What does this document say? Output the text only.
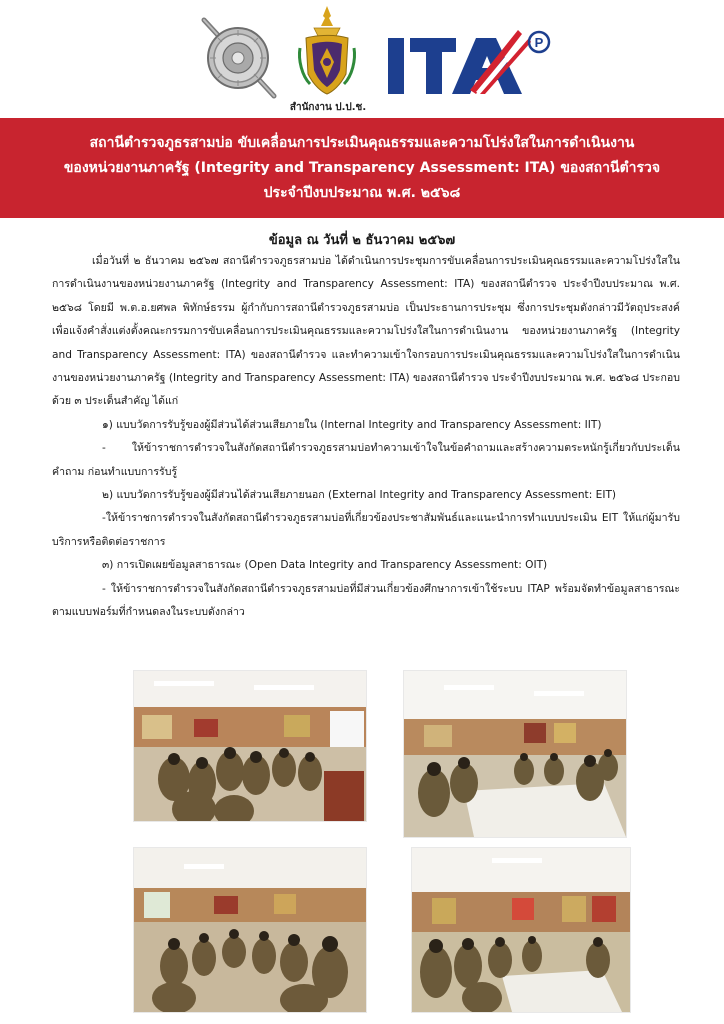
สำนักงาน ป.ป.ช.
P
สถานีตำรวจภูธรสามบ่อ ขับเคลื่อนการประเมินคุณธรรมและความโปร่งใสในการดำเนินงาน
ของหน่วยงานภาครัฐ (Integrity and Transparency Assessment: ITA) ของสถานีตำรวจ
ประจำปีงบประมาณ พ.ศ. ๒๕๖๘
ข้อมูล ณ วันที่ ๒ ธันวาคม ๒๕๖๗

เมื่อวันที่ ๒ ธันวาคม ๒๕๖๗ สถานีตำรวจภูธรสามบ่อ ได้ดำเนินการประชุมการขับเคลื่อนการประเมินคุณธรรมและความโปร่งใสในการดำเนินงานของหน่วยงานภาครัฐ (Integrity and Transparency Assessment: ITA) ของสถานีตำรวจ ประจำปีงบประมาณ พ.ศ. ๒๕๖๘ โดยมี พ.ต.อ.ยศพล พิทักษ์ธรรม ผู้กำกับการสถานีตำรวจภูธรสามบ่อ เป็นประธานการประชุม ซึ่งการประชุมดังกล่าวมีวัตถุประสงค์ เพื่อแจ้งคำสั่งแต่งตั้งคณะกรรมการขับเคลื่อนการประเมินคุณธรรมและความโปร่งใสในการดำเนินงาน ของหน่วยงานภาครัฐ (Integrity and Transparency Assessment: ITA) ของสถานีตำรวจ และทำความเข้าใจกรอบการประเมินคุณธรรมและความโปร่งใสในการดำเนินงานของหน่วยงานภาครัฐ (Integrity and Transparency Assessment: ITA) ของสถานีตำรวจ ประจำปีงบประมาณ พ.ศ. ๒๕๖๘ ประกอบด้วย ๓ ประเด็นสำคัญ ได้แก่

๑) แบบวัดการรับรู้ของผู้มีส่วนได้ส่วนเสียภายใน (Internal Integrity and Transparency Assessment: IIT)

- ให้ข้าราชการตำรวจในสังกัดสถานีตำรวจภูธรสามบ่อทำความเข้าใจในข้อคำถามและสร้างความตระหนักรู้เกี่ยวกับประเด็นคำถาม ก่อนทำแบบการรับรู้

๒) แบบวัดการรับรู้ของผู้มีส่วนได้ส่วนเสียภายนอก (External Integrity and Transparency Assessment: EIT)

-ให้ข้าราชการตำรวจในสังกัดสถานีตำรวจภูธรสามบ่อที่เกี่ยวข้องประชาสัมพันธ์และแนะนำการทำแบบประเมิน EIT ให้แก่ผู้มารับบริการหรือติดต่อราชการ

๓) การเปิดเผยข้อมูลสาธารณะ (Open Data Integrity and Transparency Assessment: OIT)

- ให้ข้าราชการตำรวจในสังกัดสถานีตำรวจภูธรสามบ่อที่มีส่วนเกี่ยวข้องศึกษาการเข้าใช้ระบบ ITAP พร้อมจัดทำข้อมูลสาธารณะตามแบบฟอร์มที่กำหนดลงในระบบดังกล่าว
